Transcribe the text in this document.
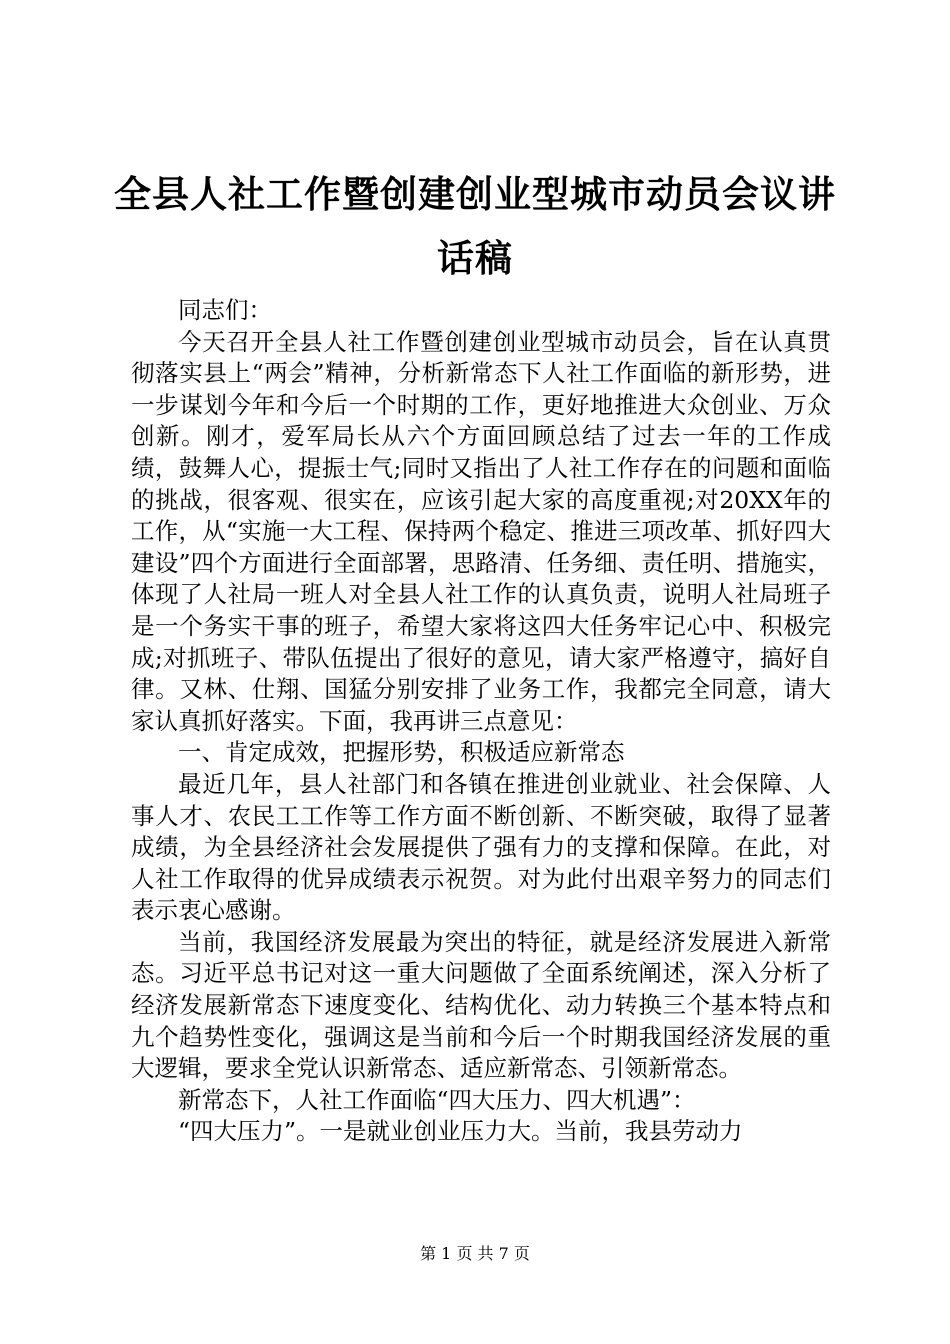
全县人社工作暨创建创业型城市动员会议讲话稿

同志们：

今天召开全县人社工作暨创建创业型城市动员会，旨在认真贯彻落实县上“两会”精神，分析新常态下人社工作面临的新形势，进一步谋划今年和今后一个时期的工作，更好地推进大众创业、万众创新。刚才，爱军局长从六个方面回顾总结了过去一年的工作成绩，鼓舞人心，提振士气;同时又指出了人社工作存在的问题和面临的挑战，很客观、很实在，应该引起大家的高度重视;对20XX年的工作，从“实施一大工程、保持两个稳定、推进三项改革、抓好四大建设”四个方面进行全面部署，思路清、任务细、责任明、措施实，体现了人社局一班人对全县人社工作的认真负责，说明人社局班子是一个务实干事的班子，希望大家将这四大任务牢记心中、积极完成;对抓班子、带队伍提出了很好的意见，请大家严格遵守，搞好自律。又林、仕翔、国猛分别安排了业务工作，我都完全同意，请大家认真抓好落实。下面，我再讲三点意见：

一、肯定成效，把握形势，积极适应新常态

最近几年，县人社部门和各镇在推进创业就业、社会保障、人事人才、农民工工作等工作方面不断创新、不断突破，取得了显著成绩，为全县经济社会发展提供了强有力的支撑和保障。在此，对人社工作取得的优异成绩表示祝贺。对为此付出艰辛努力的同志们表示衷心感谢。

当前，我国经济发展最为突出的特征，就是经济发展进入新常态。习近平总书记对这一重大问题做了全面系统阐述，深入分析了经济发展新常态下速度变化、结构优化、动力转换三个基本特点和九个趋势性变化，强调这是当前和今后一个时期我国经济发展的重大逻辑，要求全党认识新常态、适应新常态、引领新常态。

新常态下，人社工作面临“四大压力、四大机遇”：

“四大压力”。一是就业创业压力大。当前，我县劳动力

第 1 页 共 7 页
